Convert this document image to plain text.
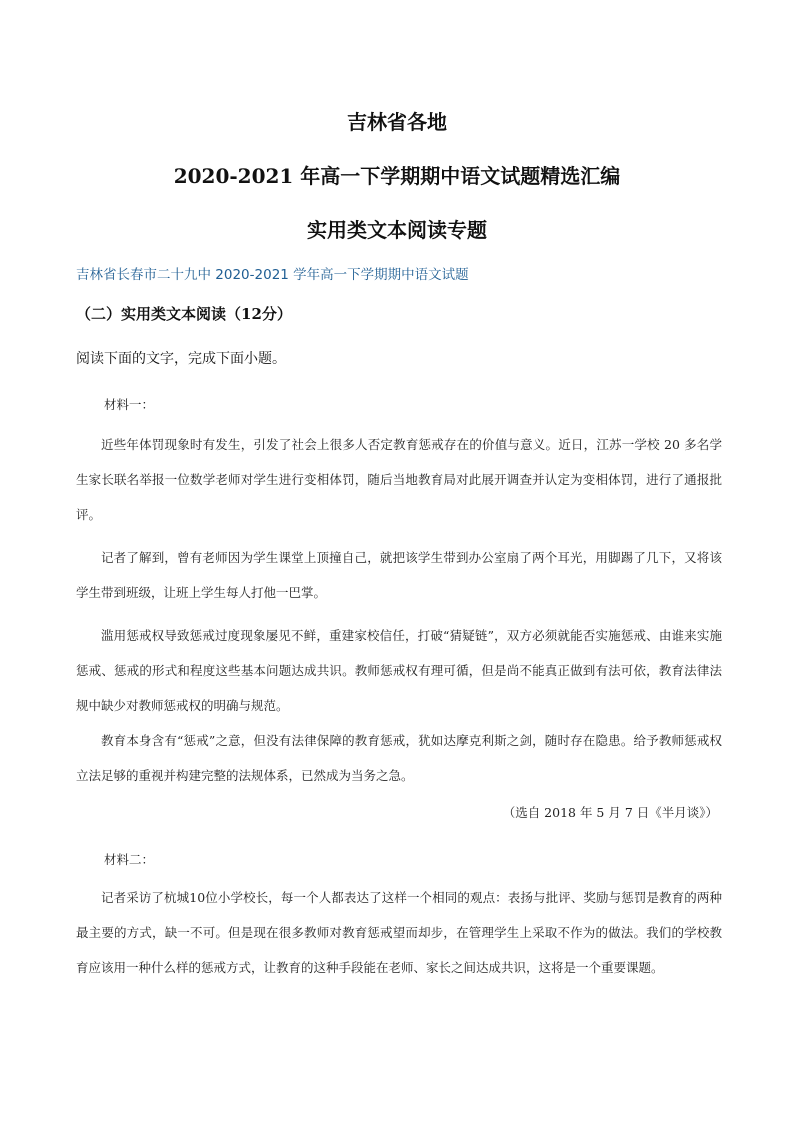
吉林省各地
2020-2021 年高一下学期期中语文试题精选汇编
实用类文本阅读专题
吉林省长春市二十九中 2020-2021 学年高一下学期期中语文试题
（二）实用类文本阅读（12分）
阅读下面的文字，完成下面小题。
材料一：
近些年体罚现象时有发生，引发了社会上很多人否定教育惩戒存在的价值与意义。近日，江苏一学校 20 多名学生家长联名举报一位数学老师对学生进行变相体罚，随后当地教育局对此展开调查并认定为变相体罚，进行了通报批评。
记者了解到，曾有老师因为学生课堂上顶撞自己，就把该学生带到办公室扇了两个耳光，用脚踢了几下，又将该学生带到班级，让班上学生每人打他一巴掌。
滥用惩戒权导致惩戒过度现象屡见不鲜，重建家校信任，打破“猜疑链”，双方必须就能否实施惩戒、由谁来实施惩戒、惩戒的形式和程度这些基本问题达成共识。教师惩戒权有理可循，但是尚不能真正做到有法可依，教育法律法规中缺少对教师惩戒权的明确与规范。
教育本身含有“惩戒”之意，但没有法律保障的教育惩戒，犹如达摩克利斯之剑，随时存在隐患。给予教师惩戒权立法足够的重视并构建完整的法规体系，已然成为当务之急。
（选自 2018 年 5 月 7 日《半月谈》）
材料二：
记者采访了杭城10位小学校长，每一个人都表达了这样一个相同的观点：表扬与批评、奖励与惩罚是教育的两种最主要的方式，缺一不可。但是现在很多教师对教育惩戒望而却步，在管理学生上采取不作为的做法。我们的学校教育应该用一种什么样的惩戒方式，让教育的这种手段能在老师、家长之间达成共识，这将是一个重要课题。
